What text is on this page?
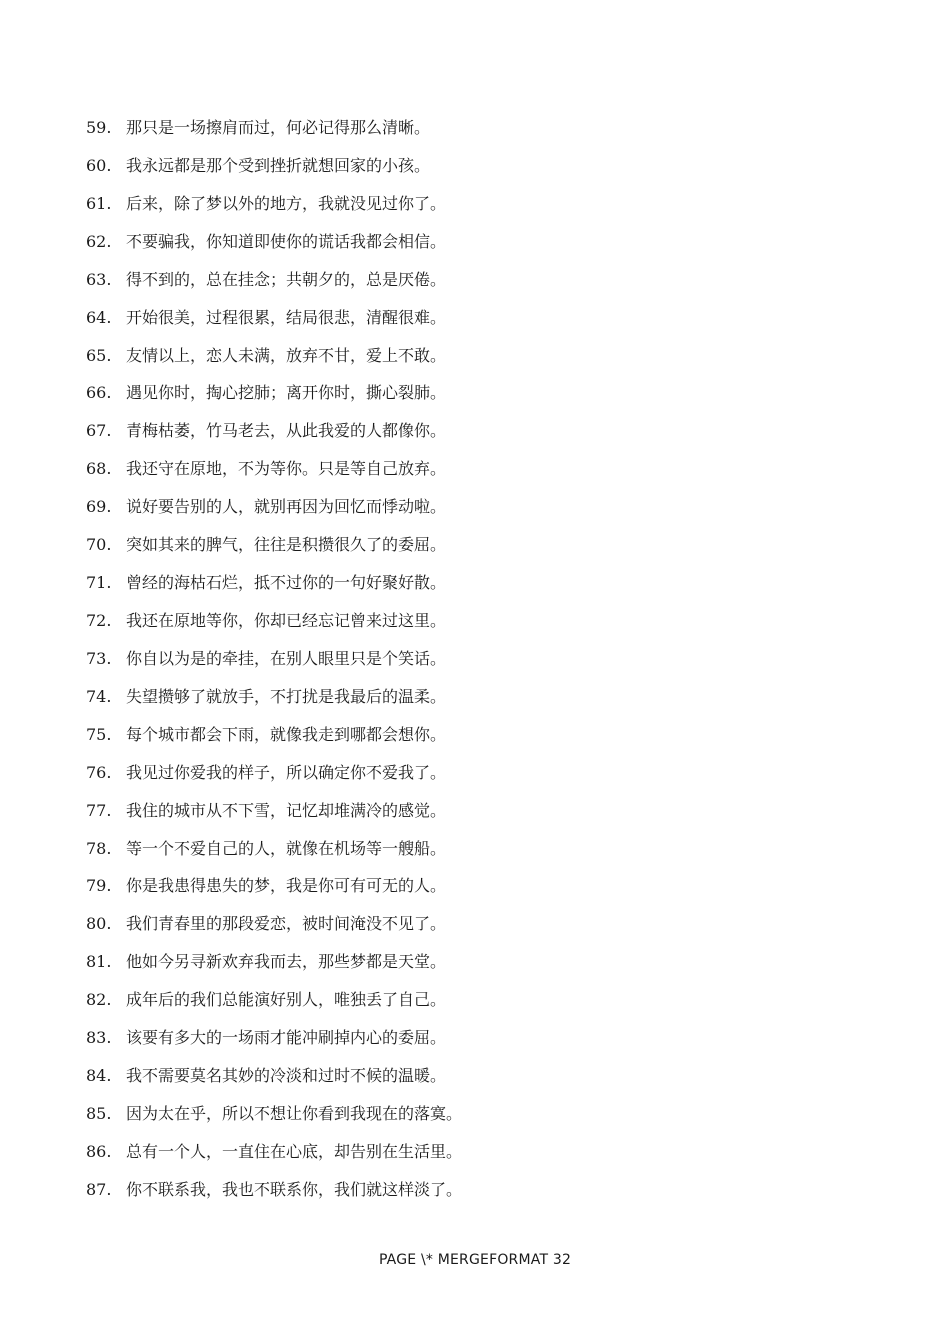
59. 那只是一场擦肩而过，何必记得那么清晰。
60. 我永远都是那个受到挫折就想回家的小孩。
61. 后来，除了梦以外的地方，我就没见过你了。
62. 不要骗我，你知道即使你的谎话我都会相信。
63. 得不到的，总在挂念；共朝夕的，总是厌倦。
64. 开始很美，过程很累，结局很悲，清醒很难。
65. 友情以上，恋人未满，放弃不甘，爱上不敢。
66. 遇见你时，掏心挖肺；离开你时，撕心裂肺。
67. 青梅枯萎，竹马老去，从此我爱的人都像你。
68. 我还守在原地，不为等你。只是等自己放弃。
69. 说好要告别的人，就别再因为回忆而悸动啦。
70. 突如其来的脾气，往往是积攒很久了的委屈。
71. 曾经的海枯石烂，抵不过你的一句好聚好散。
72. 我还在原地等你，你却已经忘记曾来过这里。
73. 你自以为是的牵挂，在别人眼里只是个笑话。
74. 失望攒够了就放手，不打扰是我最后的温柔。
75. 每个城市都会下雨，就像我走到哪都会想你。
76. 我见过你爱我的样子，所以确定你不爱我了。
77. 我住的城市从不下雪，记忆却堆满冷的感觉。
78. 等一个不爱自己的人，就像在机场等一艘船。
79. 你是我患得患失的梦，我是你可有可无的人。
80. 我们青春里的那段爱恋，被时间淹没不见了。
81. 他如今另寻新欢弃我而去，那些梦都是天堂。
82. 成年后的我们总能演好别人，唯独丢了自己。
83. 该要有多大的一场雨才能冲刷掉内心的委屈。
84. 我不需要莫名其妙的冷淡和过时不候的温暖。
85. 因为太在乎，所以不想让你看到我现在的落寞。
86. 总有一个人，一直住在心底，却告别在生活里。
87. 你不联系我，我也不联系你，我们就这样淡了。
PAGE \* MERGEFORMAT 32
